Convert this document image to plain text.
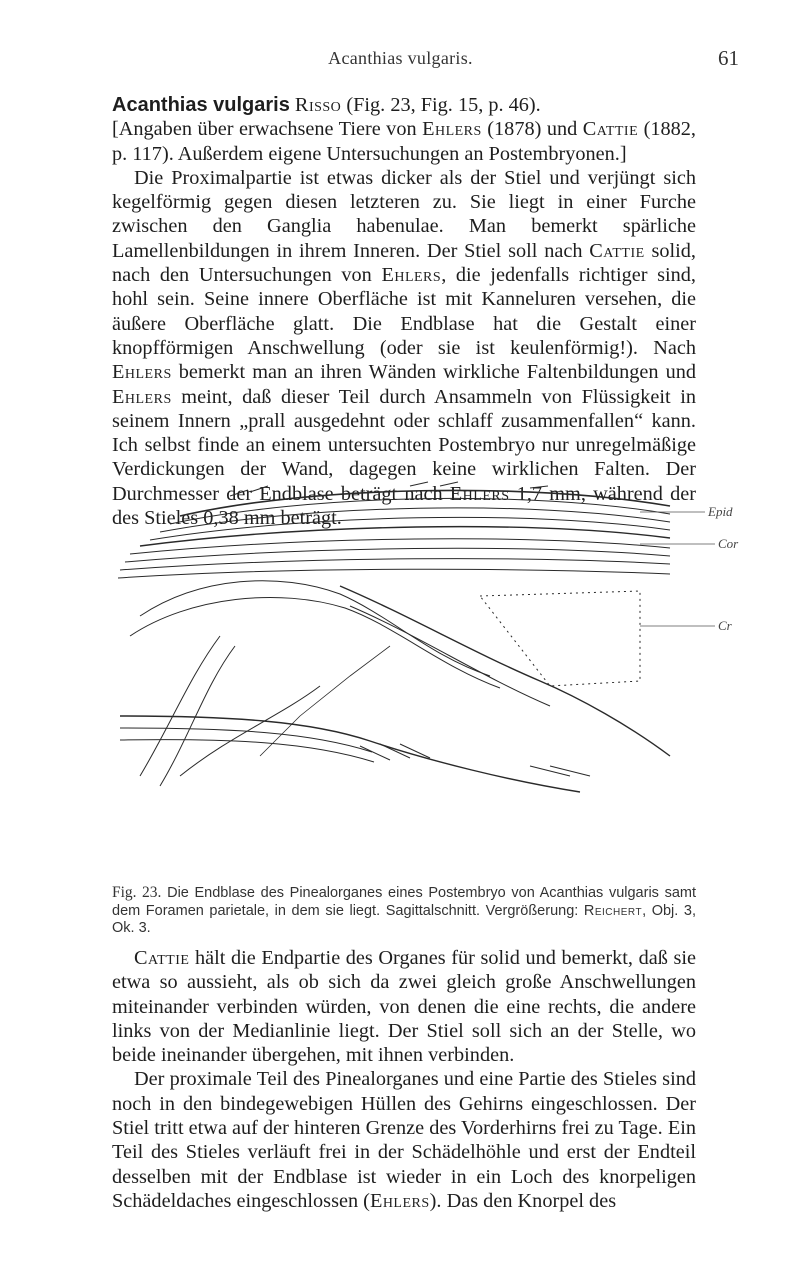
Acanthias vulgaris.	61

Acanthias vulgaris Risso (Fig. 23, Fig. 15, p. 46).

[Angaben über erwachsene Tiere von Ehlers (1878) und Cattie (1882, p. 117). Außerdem eigene Untersuchungen an Postembryonen.]

Die Proximalpartie ist etwas dicker als der Stiel und verjüngt sich kegelförmig gegen diesen letzteren zu. Sie liegt in einer Furche zwischen den Ganglia habenulae. Man bemerkt spärliche Lamellenbildungen in ihrem Inneren. Der Stiel soll nach Cattie solid, nach den Untersuchungen von Ehlers, die jedenfalls richtiger sind, hohl sein. Seine innere Oberfläche ist mit Kanneluren versehen, die äußere Oberfläche glatt. Die Endblase hat die Gestalt einer knopfförmigen Anschwellung (oder sie ist keulenförmig!). Nach Ehlers bemerkt man an ihren Wänden wirkliche Faltenbildungen und Ehlers meint, daß dieser Teil durch Ansammeln von Flüssigkeit in seinem Innern „prall ausgedehnt oder schlaff zusammenfallen“ kann. Ich selbst finde an einem untersuchten Postembryo nur unregelmäßige Verdickungen der Wand, dagegen keine wirklichen Falten. Der Durchmesser der Endblase beträgt nach Ehlers 1,7 mm, während der des Stieles 0,38 mm beträgt.	Epid
Cor
Cr
Fig. 23. Die Endblase des Pinealorganes eines Postembryo von Acanthias vulgaris samt dem Foramen parietale, in dem sie liegt. Sagittalschnitt. Vergrößerung: Reichert, Obj. 3, Ok. 3.

Cattie hält die Endpartie des Organes für solid und bemerkt, daß sie etwa so aussieht, als ob sich da zwei gleich große Anschwellungen miteinander verbinden würden, von denen die eine rechts, die andere links von der Medianlinie liegt. Der Stiel soll sich an der Stelle, wo beide ineinander übergehen, mit ihnen verbinden.

Der proximale Teil des Pinealorganes und eine Partie des Stieles sind noch in den bindegewebigen Hüllen des Gehirns eingeschlossen. Der Stiel tritt etwa auf der hinteren Grenze des Vorderhirns frei zu Tage. Ein Teil des Stieles verläuft frei in der Schädelhöhle und erst der Endteil desselben mit der Endblase ist wieder in ein Loch des knorpeligen Schädeldaches eingeschlossen (Ehlers). Das den Knorpel des
